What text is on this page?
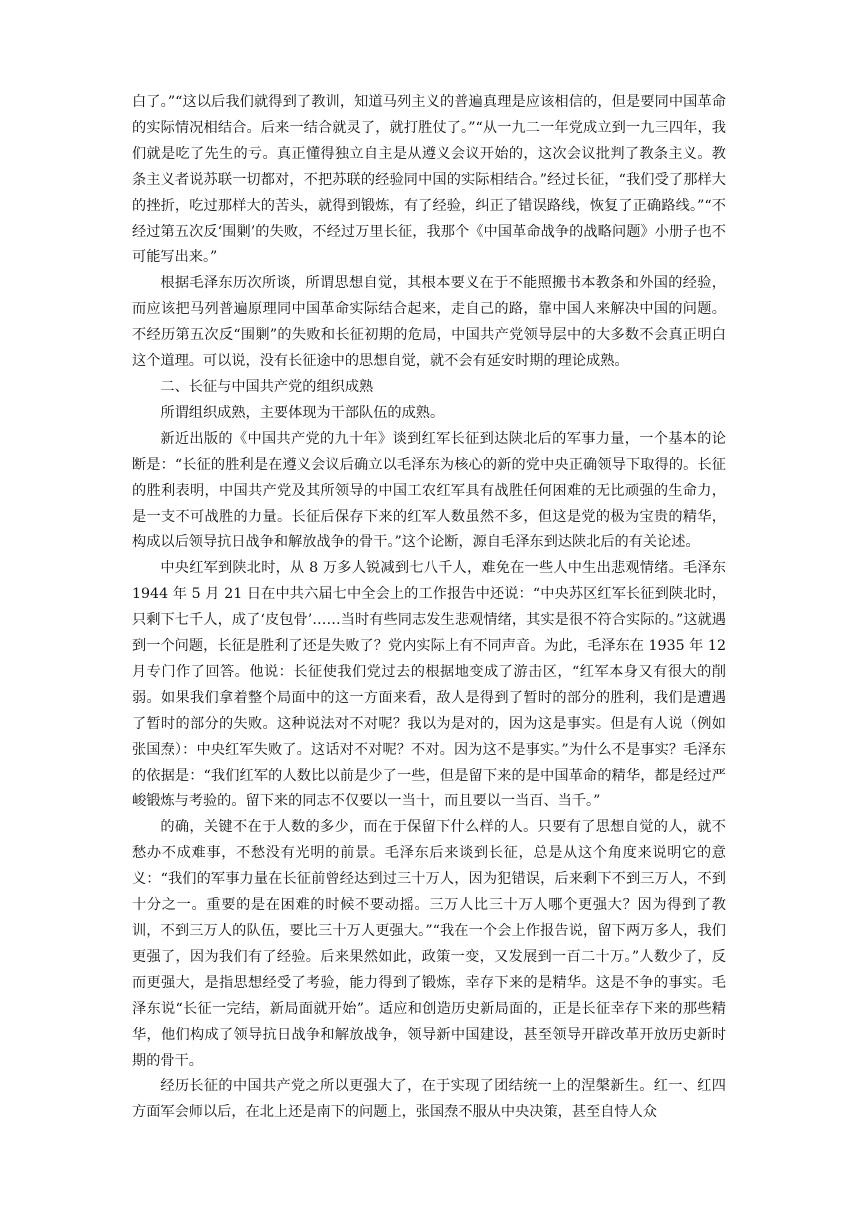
白了。”“这以后我们就得到了教训，知道马列主义的普遍真理是应该相信的，但是要同中国革命的实际情况相结合。后来一结合就灵了，就打胜仗了。”“从一九二一年党成立到一九三四年，我们就是吃了先生的亏。真正懂得独立自主是从遵义会议开始的，这次会议批判了教条主义。教条主义者说苏联一切都对，不把苏联的经验同中国的实际相结合。”经过长征，“我们受了那样大的挫折，吃过那样大的苦头，就得到锻炼，有了经验，纠正了错误路线，恢复了正确路线。”“不经过第五次反‘围剿’的失败，不经过万里长征，我那个《中国革命战争的战略问题》小册子也不可能写出来。”

根据毛泽东历次所谈，所谓思想自觉，其根本要义在于不能照搬书本教条和外国的经验，而应该把马列普遍原理同中国革命实际结合起来，走自己的路，靠中国人来解决中国的问题。不经历第五次反“围剿”的失败和长征初期的危局，中国共产党领导层中的大多数不会真正明白这个道理。可以说，没有长征途中的思想自觉，就不会有延安时期的理论成熟。

二、长征与中国共产党的组织成熟

所谓组织成熟，主要体现为干部队伍的成熟。

新近出版的《中国共产党的九十年》谈到红军长征到达陕北后的军事力量，一个基本的论断是：“长征的胜利是在遵义会议后确立以毛泽东为核心的新的党中央正确领导下取得的。长征的胜利表明，中国共产党及其所领导的中国工农红军具有战胜任何困难的无比顽强的生命力，是一支不可战胜的力量。长征后保存下来的红军人数虽然不多，但这是党的极为宝贵的精华，构成以后领导抗日战争和解放战争的骨干。”这个论断，源自毛泽东到达陕北后的有关论述。

中央红军到陕北时，从 8 万多人锐减到七八千人，难免在一些人中生出悲观情绪。毛泽东 1944 年 5 月 21 日在中共六届七中全会上的工作报告中还说：“中央苏区红军长征到陕北时，只剩下七千人，成了‘皮包骨’……当时有些同志发生悲观情绪，其实是很不符合实际的。”这就遇到一个问题，长征是胜利了还是失败了？党内实际上有不同声音。为此，毛泽东在 1935 年 12 月专门作了回答。他说：长征使我们党过去的根据地变成了游击区，“红军本身又有很大的削弱。如果我们拿着整个局面中的这一方面来看，敌人是得到了暂时的部分的胜利，我们是遭遇了暂时的部分的失败。这种说法对不对呢？我以为是对的，因为这是事实。但是有人说（例如张国焘）：中央红军失败了。这话对不对呢？不对。因为这不是事实。”为什么不是事实？毛泽东的依据是：“我们红军的人数比以前是少了一些，但是留下来的是中国革命的精华，都是经过严峻锻炼与考验的。留下来的同志不仅要以一当十，而且要以一当百、当千。”

的确，关键不在于人数的多少，而在于保留下什么样的人。只要有了思想自觉的人，就不愁办不成难事，不愁没有光明的前景。毛泽东后来谈到长征，总是从这个角度来说明它的意义：“我们的军事力量在长征前曾经达到过三十万人，因为犯错误，后来剩下不到三万人，不到十分之一。重要的是在困难的时候不要动摇。三万人比三十万人哪个更强大？因为得到了教训，不到三万人的队伍，要比三十万人更强大。”“我在一个会上作报告说，留下两万多人，我们更强了，因为我们有了经验。后来果然如此，政策一变，又发展到一百二十万。”人数少了，反而更强大，是指思想经受了考验，能力得到了锻炼，幸存下来的是精华。这是不争的事实。毛泽东说“长征一完结，新局面就开始”。适应和创造历史新局面的，正是长征幸存下来的那些精华，他们构成了领导抗日战争和解放战争，领导新中国建设，甚至领导开辟改革开放历史新时期的骨干。

经历长征的中国共产党之所以更强大了，在于实现了团结统一上的涅槃新生。红一、红四方面军会师以后，在北上还是南下的问题上，张国焘不服从中央决策，甚至自恃人众
